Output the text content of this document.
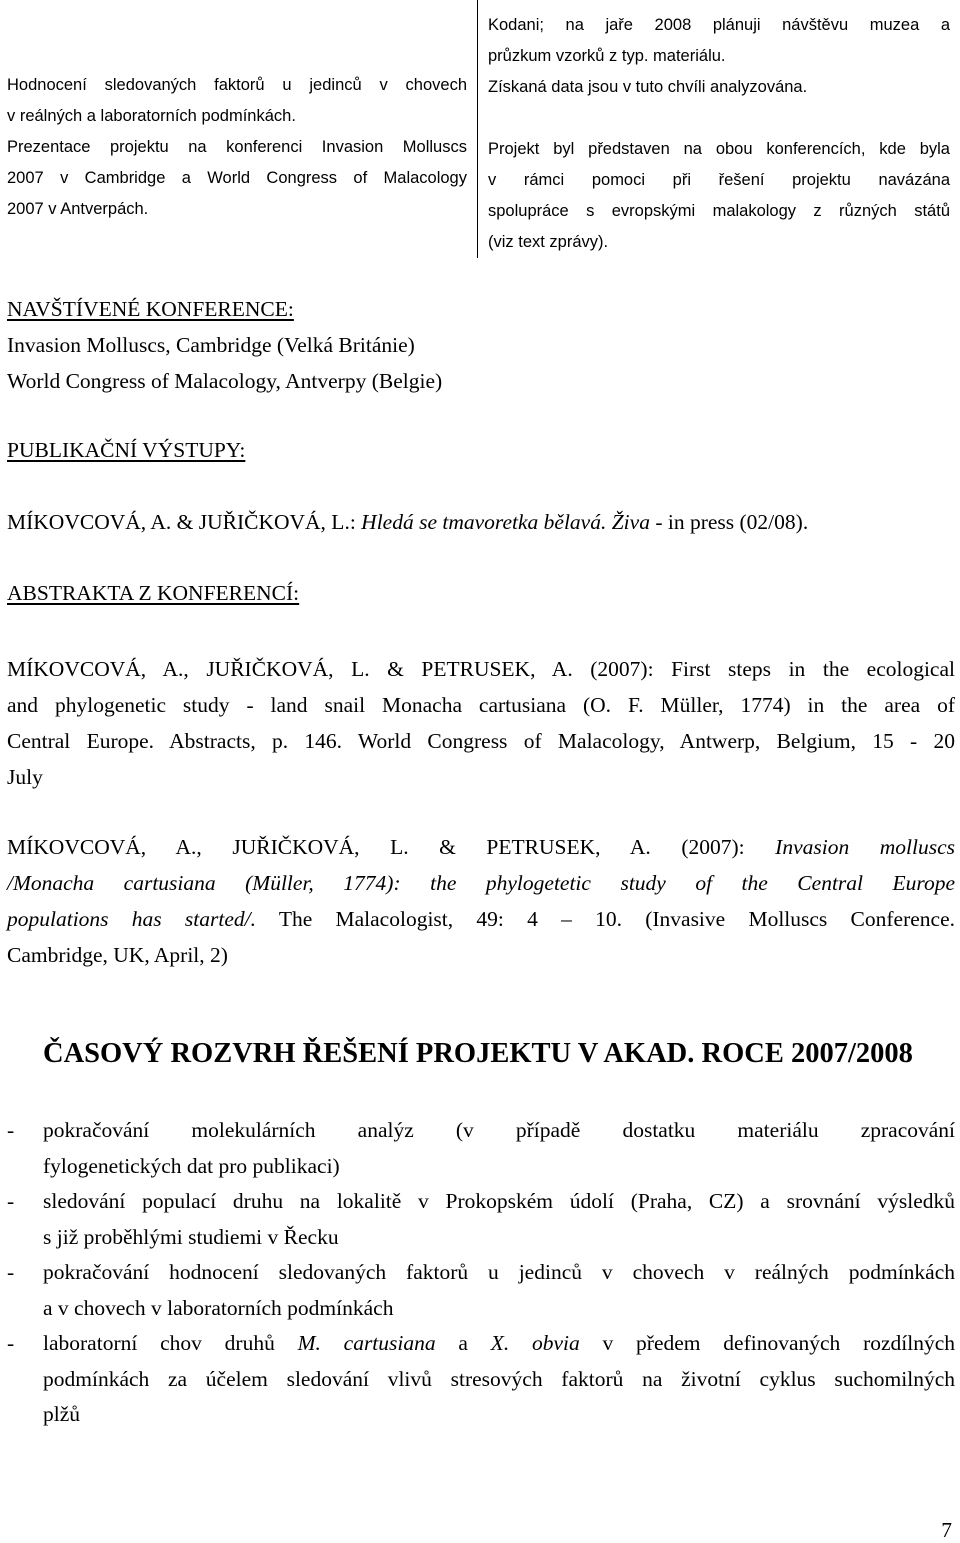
Hodnocení sledovaných faktorů u jedinců v chovech
v reálných a laboratorních podmínkách.
Prezentace projektu na konferenci Invasion Molluscs
2007 v Cambridge a World Congress of Malacology
2007 v Antverpách.
Kodani; na jaře 2008 plánuji návštěvu muzea a
průzkum vzorků z typ. materiálu.
Získaná data jsou v tuto chvíli analyzována.
Projekt byl představen na obou konferencích, kde byla
v rámci pomoci při řešení projektu navázána
spolupráce s evropskými malakology z různých států
(viz text zprávy).
NAVŠTÍVENÉ KONFERENCE:
Invasion Molluscs, Cambridge (Velká Británie)
World Congress of Malacology, Antverpy (Belgie)
PUBLIKAČNÍ VÝSTUPY:
MÍKOVCOVÁ, A. & JUŘIČKOVÁ, L.: Hledá se tmavoretka bělavá. Živa - in press (02/08).
ABSTRAKTA Z KONFERENCÍ:
MÍKOVCOVÁ, A., JUŘIČKOVÁ, L. & PETRUSEK, A. (2007): First steps in the ecological
and phylogenetic study - land snail Monacha cartusiana (O. F. Müller, 1774) in the area of
Central Europe. Abstracts, p. 146. World Congress of Malacology, Antwerp, Belgium, 15 - 20
July
MÍKOVCOVÁ, A., JUŘIČKOVÁ, L. & PETRUSEK, A. (2007): Invasion molluscs
/Monacha cartusiana (Müller, 1774): the phylogetetic study of the Central Europe
populations has started/. The Malacologist, 49: 4 – 10. (Invasive Molluscs Conference.
Cambridge, UK, April, 2)
ČASOVÝ ROZVRH ŘEŠENÍ PROJEKTU V AKAD. ROCE 2007/2008
- pokračování molekulárních analýz (v případě dostatku materiálu zpracování
fylogenetických dat pro publikaci)
- sledování populací druhu na lokalitě v Prokopském údolí (Praha, CZ) a srovnání výsledků
s již proběhlými studiemi v Řecku
- pokračování hodnocení sledovaných faktorů u jedinců v chovech v reálných podmínkách
a v chovech v laboratorních podmínkách
- laboratorní chov druhů M. cartusiana a X. obvia v předem definovaných rozdílných
podmínkách za účelem sledování vlivů stresových faktorů na životní cyklus suchomilných
plžů
7
